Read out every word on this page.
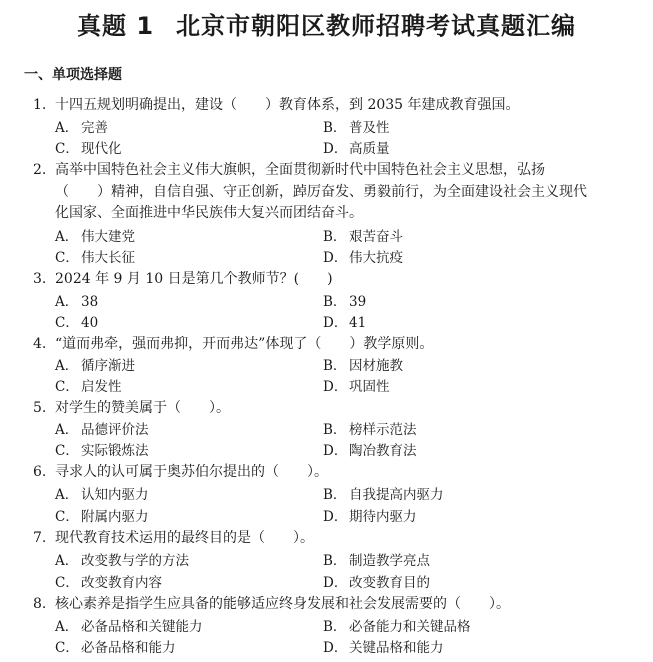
真题 1 北京市朝阳区教师招聘考试真题汇编
一、单项选择题
1. 十四五规划明确提出，建设（　　）教育体系，到 2035 年建成教育强国。
A． 完善	B． 普及性
C． 现代化	D． 高质量
2. 高举中国特色社会主义伟大旗帜，全面贯彻新时代中国特色社会主义思想，弘扬
（　　）精神，自信自强、守正创新，踔厉奋发、勇毅前行，为全面建设社会主义现代
化国家、全面推进中华民族伟大复兴而团结奋斗。
A． 伟大建党	B． 艰苦奋斗
C． 伟大长征	D． 伟大抗疫
3. 2024 年 9 月 10 日是第几个教师节？(　　)
A． 38	B． 39
C． 40	D． 41
4. “道而弗牵，强而弗抑，开而弗达”体现了（　　）教学原则。
A． 循序渐进	B． 因材施教
C． 启发性	D． 巩固性
5. 对学生的赞美属于（　　）。
A． 品德评价法	B． 榜样示范法
C． 实际锻炼法	D． 陶冶教育法
6. 寻求人的认可属于奥苏伯尔提出的（　　）。
A． 认知内驱力	B． 自我提高内驱力
C． 附属内驱力	D． 期待内驱力
7. 现代教育技术运用的最终目的是（　　）。
A． 改变教与学的方法	B． 制造教学亮点
C． 改变教育内容	D． 改变教育目的
8. 核心素养是指学生应具备的能够适应终身发展和社会发展需要的（　　）。
A． 必备品格和关键能力	B． 必备能力和关键品格
C． 必备品格和能力	D． 关键品格和能力
